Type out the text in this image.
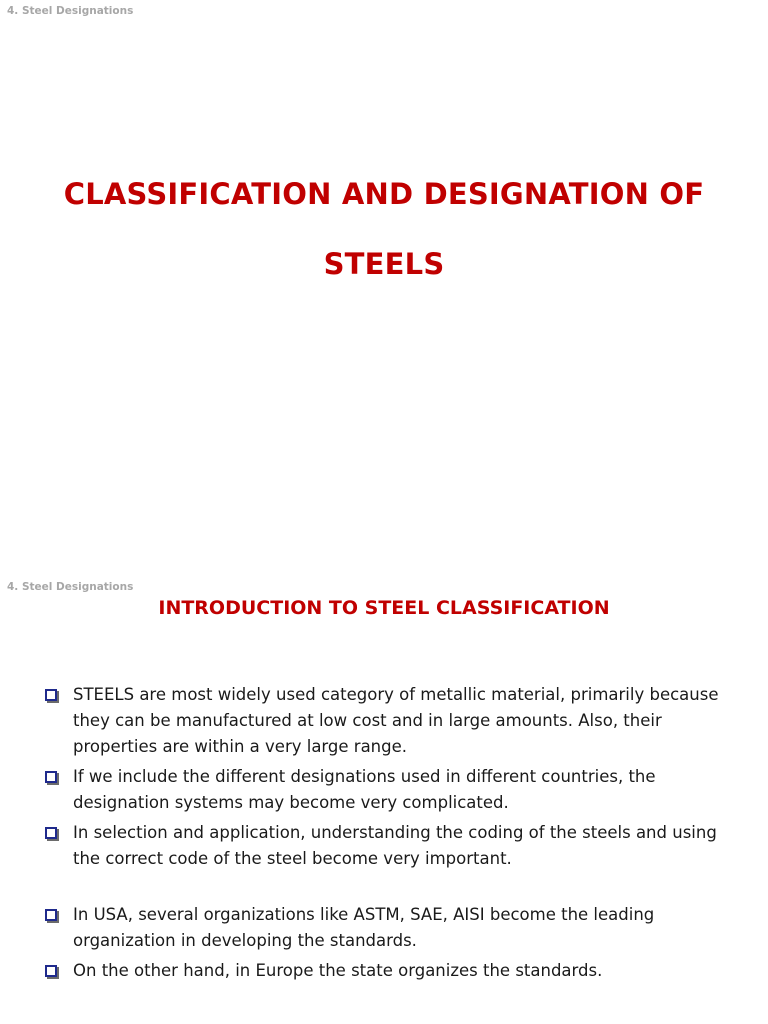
4. Steel Designations
CLASSIFICATION AND DESIGNATION OF
STEELS
4. Steel Designations
INTRODUCTION TO STEEL CLASSIFICATION
STEELS are most widely used category of metallic material, primarily because they can be manufactured at low cost and in large amounts. Also, their properties are within a very large range.
If we include the different designations used in different countries, the designation systems may become very complicated.
In selection and application, understanding the coding of the steels and using the correct code of the steel become very important.
In USA, several organizations like ASTM, SAE, AISI become the leading organization in developing the standards.
On the other hand, in Europe the state organizes the standards.
